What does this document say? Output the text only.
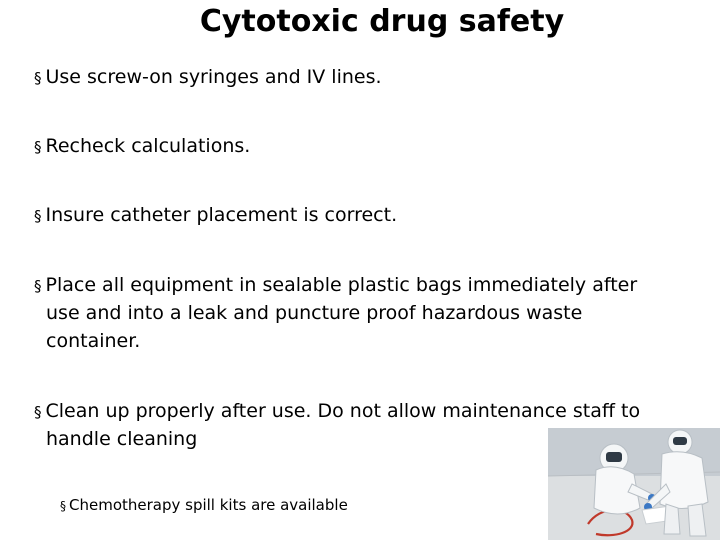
Cytotoxic drug safety
§ Use screw-on syringes and IV lines.
§ Recheck calculations.
§ Insure catheter placement is correct.
§ Place all equipment in sealable plastic bags immediately after
use and into a leak and puncture proof hazardous waste
container.
§ Clean up properly after use. Do not allow maintenance staff to
handle cleaning
§ Chemotherapy spill kits are available
